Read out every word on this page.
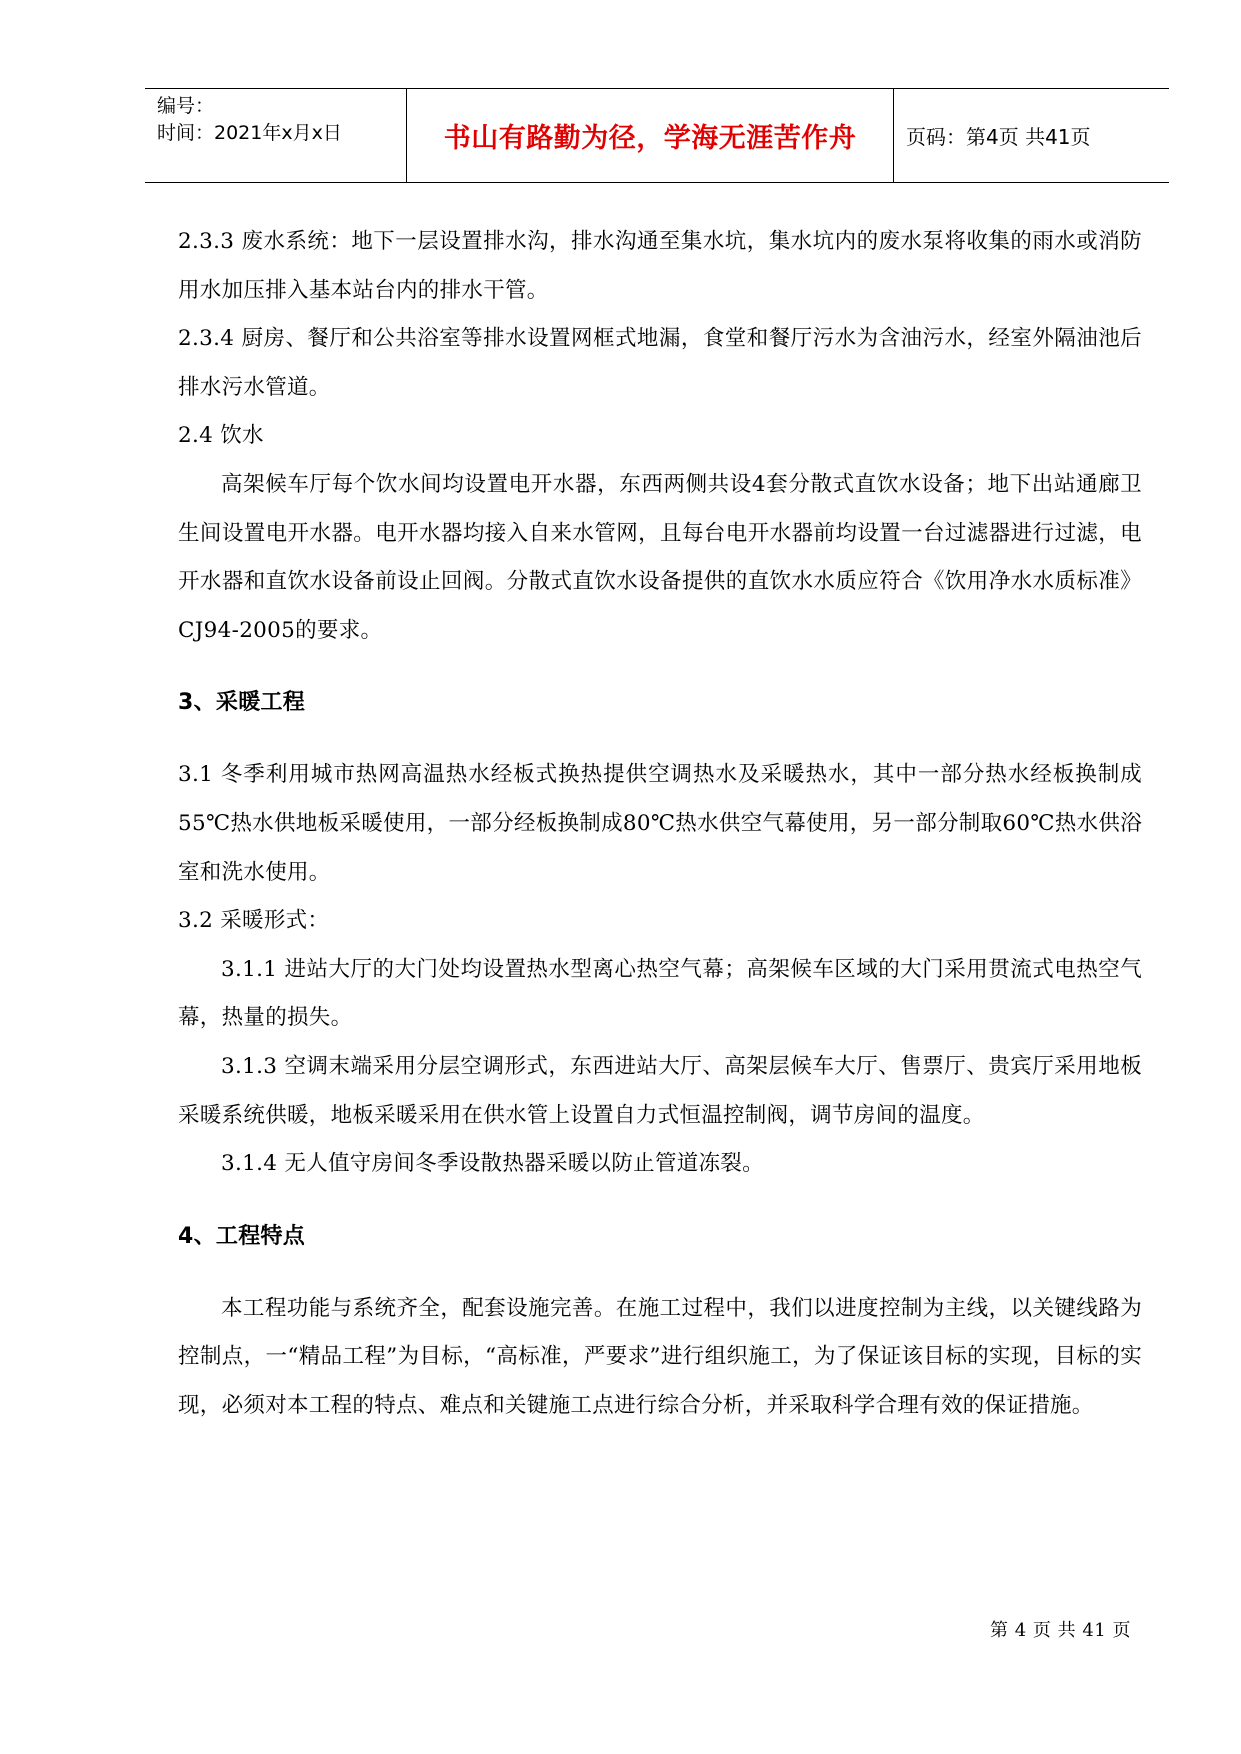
编号：
时间：2021年x月x日	书山有路勤为径，学海无涯苦作舟	页码：第4页 共41页

2.3.3 废水系统：地下一层设置排水沟，排水沟通至集水坑，集水坑内的废水泵将收集的雨水或消防用水加压排入基本站台内的排水干管。

2.3.4 厨房、餐厅和公共浴室等排水设置网框式地漏，食堂和餐厅污水为含油污水，经室外隔油池后排水污水管道。

2.4 饮水

高架候车厅每个饮水间均设置电开水器，东西两侧共设4套分散式直饮水设备；地下出站通廊卫生间设置电开水器。电开水器均接入自来水管网，且每台电开水器前均设置一台过滤器进行过滤，电开水器和直饮水设备前设止回阀。分散式直饮水设备提供的直饮水水质应符合《饮用净水水质标准》CJ94-2005的要求。

3、采暖工程

3.1 冬季利用城市热网高温热水经板式换热提供空调热水及采暖热水，其中一部分热水经板换制成55℃热水供地板采暖使用，一部分经板换制成80℃热水供空气幕使用，另一部分制取60℃热水供浴室和洗水使用。

3.2 采暖形式：

3.1.1 进站大厅的大门处均设置热水型离心热空气幕；高架候车区域的大门采用贯流式电热空气幕，热量的损失。

3.1.3 空调末端采用分层空调形式，东西进站大厅、高架层候车大厅、售票厅、贵宾厅采用地板采暖系统供暖，地板采暖采用在供水管上设置自力式恒温控制阀，调节房间的温度。

3.1.4 无人值守房间冬季设散热器采暖以防止管道冻裂。

4、工程特点

本工程功能与系统齐全，配套设施完善。在施工过程中，我们以进度控制为主线，以关键线路为控制点，一“精品工程”为目标，“高标准，严要求”进行组织施工，为了保证该目标的实现，目标的实现，必须对本工程的特点、难点和关键施工点进行综合分析，并采取科学合理有效的保证措施。

第 4 页 共 41 页
